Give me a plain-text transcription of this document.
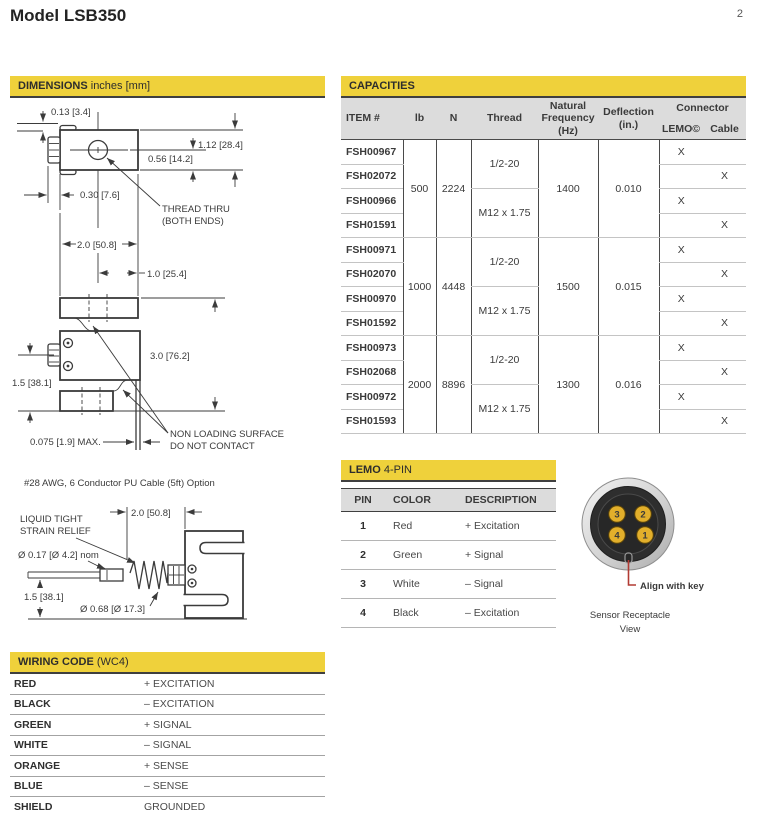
Model LSB350	2
DIMENSIONS inches [mm]
0.13 [3.4]
1.12 [28.4]
0.56 [14.2]
0.30 [7.6]
THREAD THRU
(BOTH ENDS)
2.0 [50.8]
1.0 [25.4]
3.0 [76.2]
1.5 [38.1]
0.075 [1.9] MAX.
NON LOADING SURFACE
DO NOT CONTACT
#28 AWG, 6 Conductor PU Cable (5ft) Option
2.0 [50.8]
LIQUID TIGHT
STRAIN RELIEF
Ø 0.17 [Ø 4.2] nom
1.5 [38.1]
Ø 0.68 [Ø 17.3]
WIRING CODE (WC4)
RED	+ EXCITATION
BLACK	– EXCITATION
GREEN	+ SIGNAL
WHITE	– SIGNAL
ORANGE	+ SENSE
BLUE	– SENSE
SHIELD	GROUNDED
CAPACITIES
ITEM #	lb	N	Thread	Natural Frequency (Hz)	Deflection (in.)	Connector	
						LEMO©	Cable
FSH00967	500	2224	1/2-20	1400	0.010	X	
FSH02072							X
FSH00966			M12 x 1.75			X	
FSH01591							X
FSH00971	1000	4448	1/2-20	1500	0.015	X	
FSH02070							X
FSH00970			M12 x 1.75			X	
FSH01592							X
FSH00973	2000	8896	1/2-20	1300	0.016	X	
FSH02068							X
FSH00972			M12 x 1.75			X	
FSH01593							X
LEMO 4-PIN
PIN	COLOR	DESCRIPTION
1	Red	+ Excitation
2	Green	+ Signal
3	White	– Signal
4	Black	– Excitation
3 2
4 1
Align with key
Sensor Receptacle
View
